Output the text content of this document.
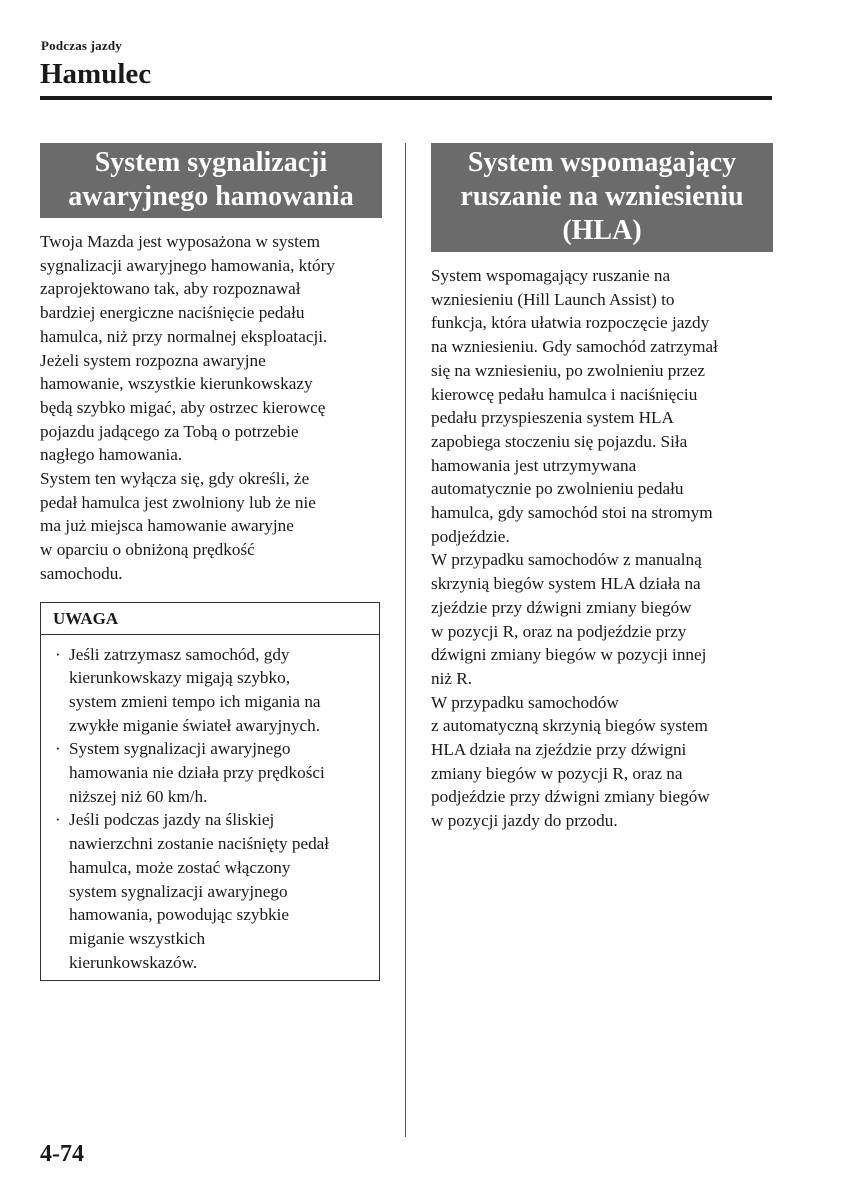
Podczas jazdy
Hamulec
System sygnalizacji
awaryjnego hamowania
Twoja Mazda jest wyposażona w system
sygnalizacji awaryjnego hamowania, który
zaprojektowano tak, aby rozpoznawał
bardziej energiczne naciśnięcie pedału
hamulca, niż przy normalnej eksploatacji.
Jeżeli system rozpozna awaryjne
hamowanie, wszystkie kierunkowskazy
będą szybko migać, aby ostrzec kierowcę
pojazdu jadącego za Tobą o potrzebie
nagłego hamowania.
System ten wyłącza się, gdy określi, że
pedał hamulca jest zwolniony lub że nie
ma już miejsca hamowanie awaryjne
w oparciu o obniżoną prędkość
samochodu.
UWAGA
· Jeśli zatrzymasz samochód, gdy
kierunkowskazy migają szybko,
system zmieni tempo ich migania na
zwykłe miganie świateł awaryjnych.
· System sygnalizacji awaryjnego
hamowania nie działa przy prędkości
niższej niż 60 km/h.
· Jeśli podczas jazdy na śliskiej
nawierzchni zostanie naciśnięty pedał
hamulca, może zostać włączony
system sygnalizacji awaryjnego
hamowania, powodując szybkie
miganie wszystkich
kierunkowskazów.
System wspomagający
ruszanie na wzniesieniu
(HLA)
System wspomagający ruszanie na
wzniesieniu (Hill Launch Assist) to
funkcja, która ułatwia rozpoczęcie jazdy
na wzniesieniu. Gdy samochód zatrzymał
się na wzniesieniu, po zwolnieniu przez
kierowcę pedału hamulca i naciśnięciu
pedału przyspieszenia system HLA
zapobiega stoczeniu się pojazdu. Siła
hamowania jest utrzymywana
automatycznie po zwolnieniu pedału
hamulca, gdy samochód stoi na stromym
podjeździe.
W przypadku samochodów z manualną
skrzynią biegów system HLA działa na
zjeździe przy dźwigni zmiany biegów
w pozycji R, oraz na podjeździe przy
dźwigni zmiany biegów w pozycji innej
niż R.
W przypadku samochodów
z automatyczną skrzynią biegów system
HLA działa na zjeździe przy dźwigni
zmiany biegów w pozycji R, oraz na
podjeździe przy dźwigni zmiany biegów
w pozycji jazdy do przodu.
4-74
